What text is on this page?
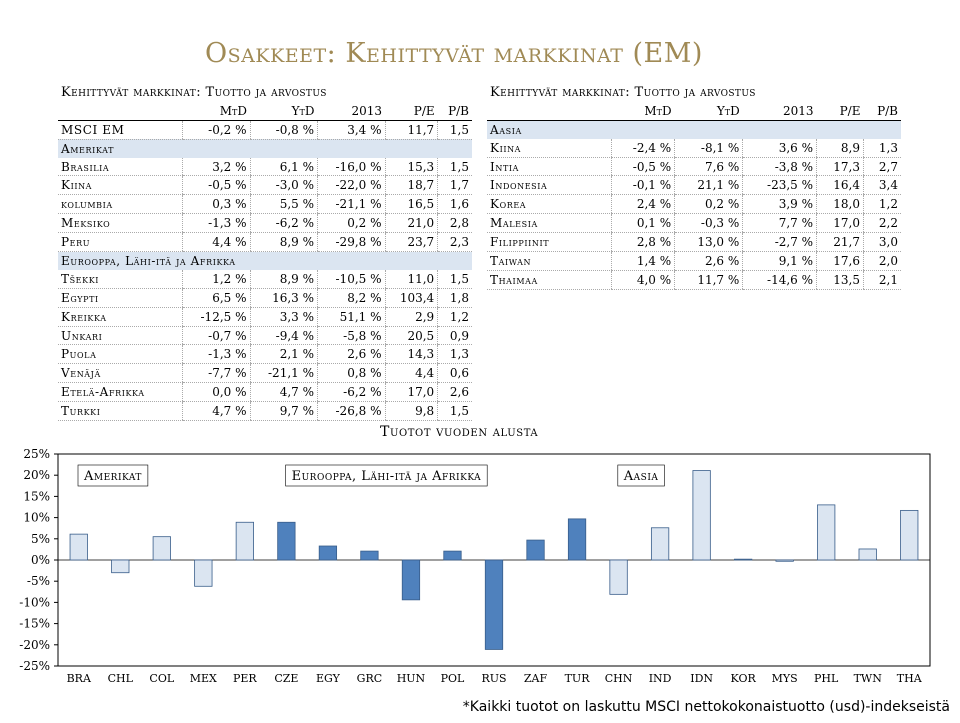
Osakkeet: Kehittyvät markkinat (EM)
Kehittyvät markkinat: Tuotto ja arvostus					
	MtD	YtD	2013	P/E	P/B
MSCI EM	-0,2 %	-0,8 %	3,4 %	11,7	1,5
Amerikat					
Brasilia	3,2 %	6,1 %	-16,0 %	15,3	1,5
Kiina	-0,5 %	-3,0 %	-22,0 %	18,7	1,7
kolumbia	0,3 %	5,5 %	-21,1 %	16,5	1,6
Meksiko	-1,3 %	-6,2 %	0,2 %	21,0	2,8
Peru	4,4 %	8,9 %	-29,8 %	23,7	2,3
Eurooppa, Lähi-itä ja Afrikka					
Tšekki	1,2 %	8,9 %	-10,5 %	11,0	1,5
Egypti	6,5 %	16,3 %	8,2 %	103,4	1,8
Kreikka	-12,5 %	3,3 %	51,1 %	2,9	1,2
Unkari	-0,7 %	-9,4 %	-5,8 %	20,5	0,9
Puola	-1,3 %	2,1 %	2,6 %	14,3	1,3
Venäjä	-7,7 %	-21,1 %	0,8 %	4,4	0,6
Etelä-Afrikka	0,0 %	4,7 %	-6,2 %	17,0	2,6
Turkki	4,7 %	9,7 %	-26,8 %	9,8	1,5
Kehittyvät markkinat: Tuotto ja arvostus					
	MtD	YtD	2013	P/E	P/B
Aasia					
Kiina	-2,4 %	-8,1 %	3,6 %	8,9	1,3
Intia	-0,5 %	7,6 %	-3,8 %	17,3	2,7
Indonesia	-0,1 %	21,1 %	-23,5 %	16,4	3,4
Korea	2,4 %	0,2 %	3,9 %	18,0	1,2
Malesia	0,1 %	-0,3 %	7,7 %	17,0	2,2
Filippiinit	2,8 %	13,0 %	-2,7 %	21,7	3,0
Taiwan	1,4 %	2,6 %	9,1 %	17,6	2,0
Thaimaa	4,0 %	11,7 %	-14,6 %	13,5	2,1
Tuotot vuoden alusta
-25%
-20%
-15%
-10%
-5%
0%
5%
10%
15%
20%
25%
BRA CHL COL MEX PER CZE EGY GRC HUN POL RUS ZAF TUR CHN IND IDN KOR MYS PHL TWN THA
Amerikat	Eurooppa, Lähi-itä ja Afrikka	Aasia
*Kaikki tuotot on laskuttu MSCI nettokokonaistuotto (usd)-indekseistä
